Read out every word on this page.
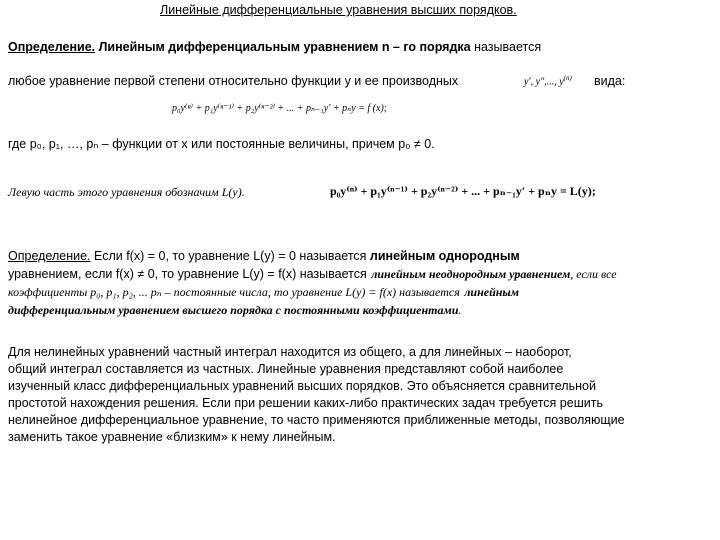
Линейные дифференциальные уравнения высших порядков.
Определение. Линейным дифференциальным уравнением n – го порядка называется
любое уравнение первой степени относительно функции y и ее производных	y′, y″,..., $y^{(n)}$ вида:
p₀y⁽ⁿ⁾ + p₁y⁽ⁿ⁻¹⁾ + p₂y⁽ⁿ⁻²⁾ + ... + pₙ₋₁y′ + pₙy = f (x);
где p₀, p₁, …, pₙ – функции от x или постоянные величины, причем p₀ ≠ 0.
Левую часть этого уравнения обозначим L(y).	p₀y⁽ⁿ⁾ + p₁y⁽ⁿ⁻¹⁾ + p₂y⁽ⁿ⁻²⁾ + ... + pₙ₋₁y′ + pₙy = L(y);
Определение. Если f(x) = 0, то уравнение L(y) = 0 называется линейным однородным
уравнением, если f(x) ≠ 0, то уравнение L(y) = f(x) называется линейным неоднородным уравнением, если все
коэффициенты p₀, p₁, p₂, ... pₙ – постоянные числа, то уравнение L(y) = f(x) называется линейным
дифференциальным уравнением высшего порядка с постоянными коэффициентами.
Для нелинейных уравнений частный интеграл находится из общего, а для линейных – наоборот,
общий интеграл составляется из частных. Линейные уравнения представляют собой наиболее
изученный класс дифференциальных уравнений высших порядков. Это объясняется сравнительной
простотой нахождения решения. Если при решении каких-либо практических задач требуется решить
нелинейное дифференциальное уравнение, то часто применяются приближенные методы, позволяющие
заменить такое уравнение «близким» к нему линейным.
